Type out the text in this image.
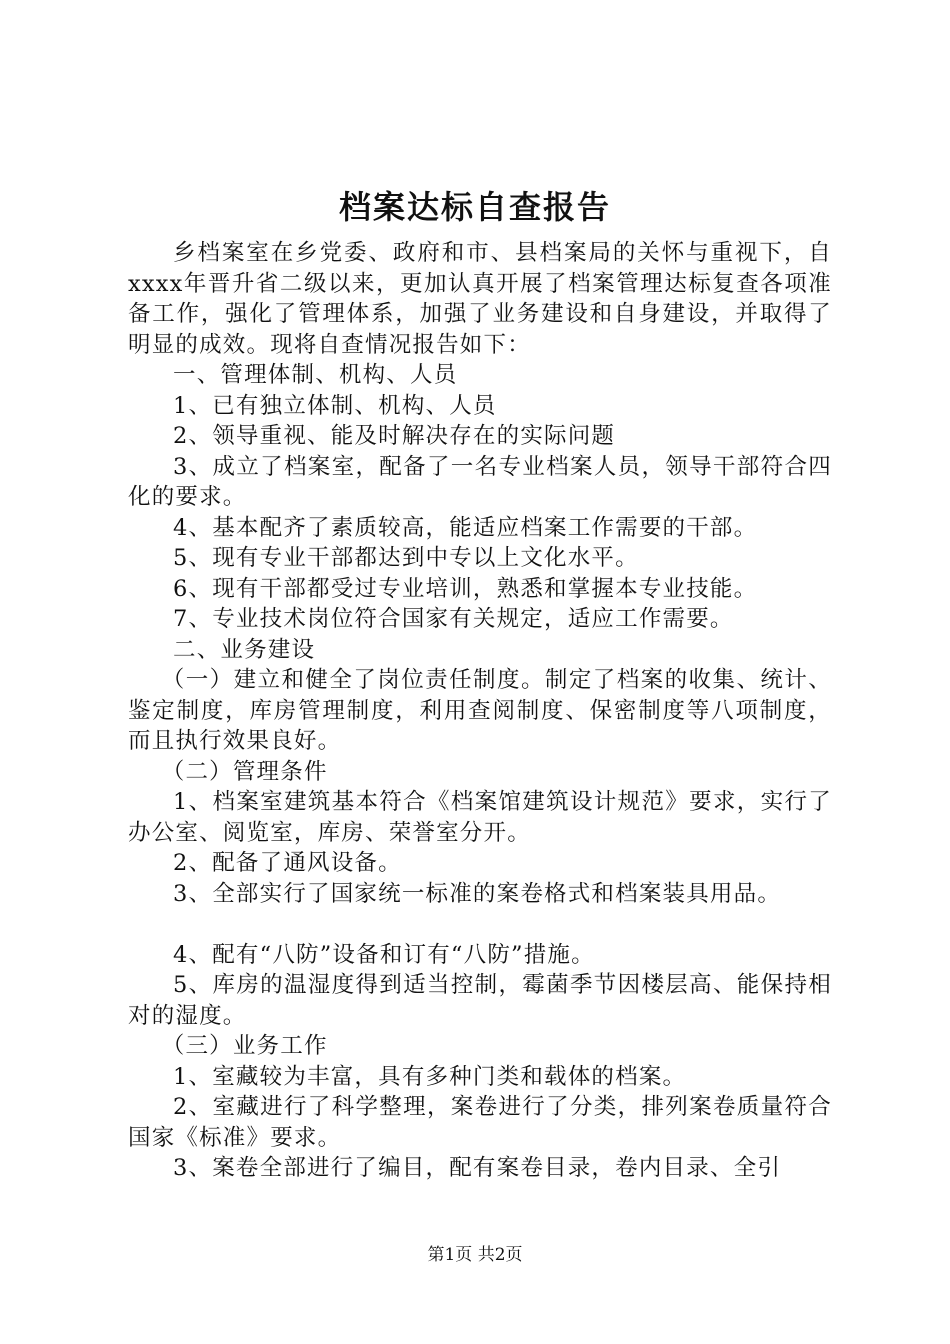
档案达标自查报告

乡档案室在乡党委、政府和市、县档案局的关怀与重视下，自xxxx年晋升省二级以来，更加认真开展了档案管理达标复查各项准备工作，强化了管理体系，加强了业务建设和自身建设，并取得了明显的成效。现将自查情况报告如下：

一、管理体制、机构、人员

1、已有独立体制、机构、人员

2、领导重视、能及时解决存在的实际问题

3、成立了档案室，配备了一名专业档案人员，领导干部符合四化的要求。

4、基本配齐了素质较高，能适应档案工作需要的干部。

5、现有专业干部都达到中专以上文化水平。

6、现有干部都受过专业培训，熟悉和掌握本专业技能。

7、专业技术岗位符合国家有关规定，适应工作需要。

二、业务建设

（一）建立和健全了岗位责任制度。制定了档案的收集、统计、鉴定制度，库房管理制度，利用查阅制度、保密制度等八项制度，而且执行效果良好。

（二）管理条件

1、档案室建筑基本符合《档案馆建筑设计规范》要求，实行了办公室、阅览室，库房、荣誉室分开。

2、配备了通风设备。

3、全部实行了国家统一标准的案卷格式和档案装具用品。

4、配有“八防”设备和订有“八防”措施。

5、库房的温湿度得到适当控制，霉菌季节因楼层高、能保持相对的湿度。

（三）业务工作

1、室藏较为丰富，具有多种门类和载体的档案。

2、室藏进行了科学整理，案卷进行了分类，排列案卷质量符合国家《标准》要求。

3、案卷全部进行了编目，配有案卷目录，卷内目录、全引

第1页 共2页
